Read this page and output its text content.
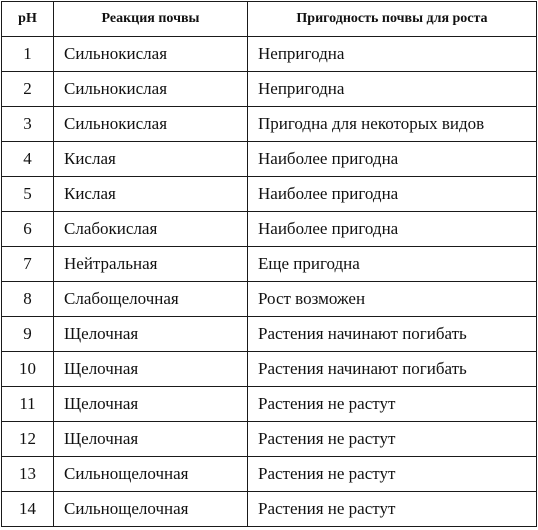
pH	Реакция почвы	Пригодность почвы для роста
1	Сильнокислая	Непригодна
2	Сильнокислая	Непригодна
3	Сильнокислая	Пригодна для некоторых видов
4	Кислая	Наиболее пригодна
5	Кислая	Наиболее пригодна
6	Слабокислая	Наиболее пригодна
7	Нейтральная	Еще пригодна
8	Слабощелочная	Рост возможен
9	Щелочная	Растения начинают погибать
10	Щелочная	Растения начинают погибать
11	Щелочная	Растения не растут
12	Щелочная	Растения не растут
13	Сильнощелочная	Растения не растут
14	Сильнощелочная	Растения не растут
